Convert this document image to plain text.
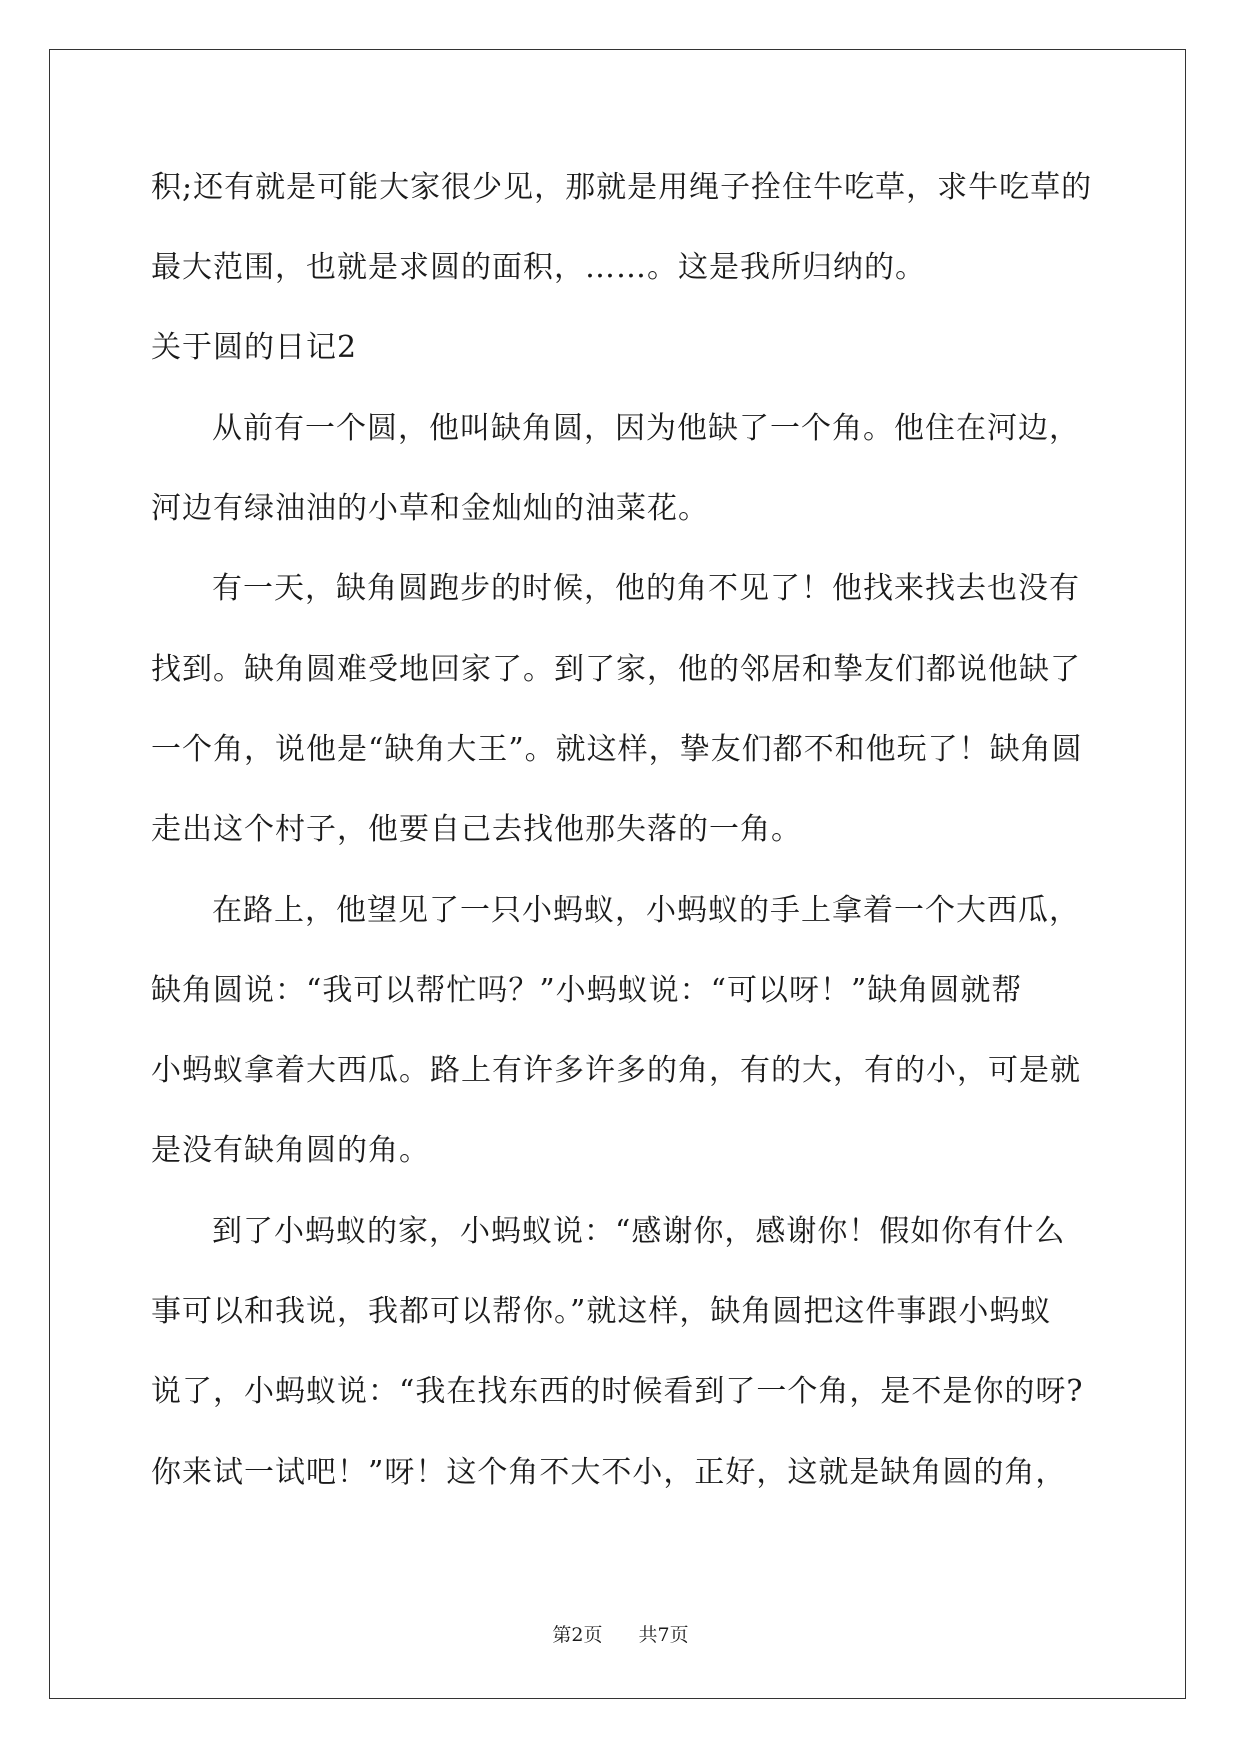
积;还有就是可能大家很少见，那就是用绳子拴住牛吃草，求牛吃草的
最大范围，也就是求圆的面积，……。这是我所归纳的。
关于圆的日记2
从前有一个圆，他叫缺角圆，因为他缺了一个角。他住在河边，
河边有绿油油的小草和金灿灿的油菜花。
有一天，缺角圆跑步的时候，他的角不见了！他找来找去也没有
找到。缺角圆难受地回家了。到了家，他的邻居和挚友们都说他缺了
一个角，说他是“缺角大王”。就这样，挚友们都不和他玩了！缺角圆
走出这个村子，他要自己去找他那失落的一角。
在路上，他望见了一只小蚂蚁，小蚂蚁的手上拿着一个大西瓜，
缺角圆说：“我可以帮忙吗？”小蚂蚁说：“可以呀！”缺角圆就帮
小蚂蚁拿着大西瓜。路上有许多许多的角，有的大，有的小，可是就
是没有缺角圆的角。
到了小蚂蚁的家，小蚂蚁说：“感谢你，感谢你！假如你有什么
事可以和我说，我都可以帮你。”就这样，缺角圆把这件事跟小蚂蚁
说了，小蚂蚁说：“我在找东西的时候看到了一个角，是不是你的呀?
你来试一试吧！”呀！这个角不大不小，正好，这就是缺角圆的角，
第2页 共7页
